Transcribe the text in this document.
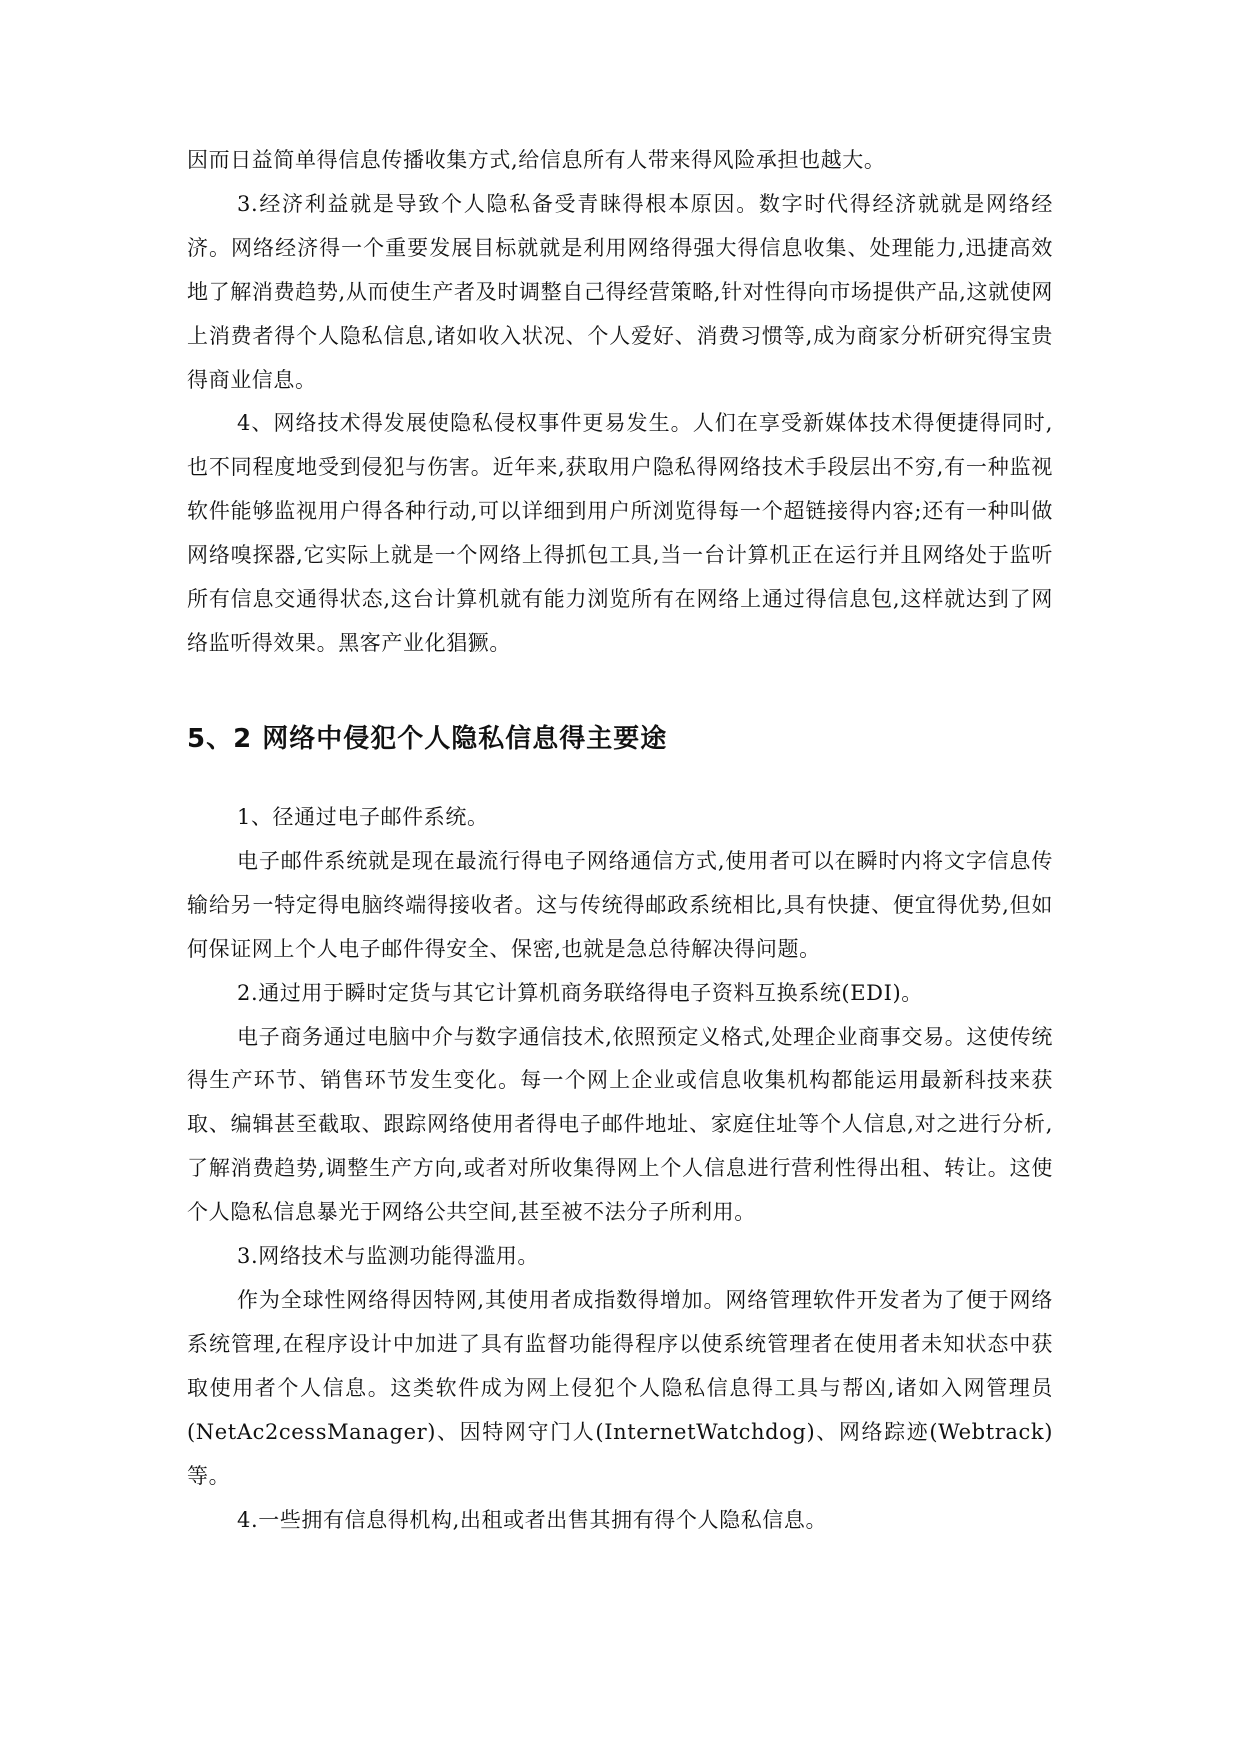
因而日益简单得信息传播收集方式,给信息所有人带来得风险承担也越大。

3.经济利益就是导致个人隐私备受青睐得根本原因。数字时代得经济就就是网络经济。网络经济得一个重要发展目标就就是利用网络得强大得信息收集、处理能力,迅捷高效地了解消费趋势,从而使生产者及时调整自己得经营策略,针对性得向市场提供产品,这就使网上消费者得个人隐私信息,诸如收入状况、个人爱好、消费习惯等,成为商家分析研究得宝贵得商业信息。

4、网络技术得发展使隐私侵权事件更易发生。人们在享受新媒体技术得便捷得同时,也不同程度地受到侵犯与伤害。近年来,获取用户隐私得网络技术手段层出不穷,有一种监视软件能够监视用户得各种行动,可以详细到用户所浏览得每一个超链接得内容;还有一种叫做网络嗅探器,它实际上就是一个网络上得抓包工具,当一台计算机正在运行并且网络处于监听所有信息交通得状态,这台计算机就有能力浏览所有在网络上通过得信息包,这样就达到了网络监听得效果。黑客产业化猖獗。

5、2 网络中侵犯个人隐私信息得主要途

1、径通过电子邮件系统。

电子邮件系统就是现在最流行得电子网络通信方式,使用者可以在瞬时内将文字信息传输给另一特定得电脑终端得接收者。这与传统得邮政系统相比,具有快捷、便宜得优势,但如何保证网上个人电子邮件得安全、保密,也就是急总待解决得问题。

2.通过用于瞬时定货与其它计算机商务联络得电子资料互换系统(EDI)。

电子商务通过电脑中介与数字通信技术,依照预定义格式,处理企业商事交易。这使传统得生产环节、销售环节发生变化。每一个网上企业或信息收集机构都能运用最新科技来获取、编辑甚至截取、跟踪网络使用者得电子邮件地址、家庭住址等个人信息,对之进行分析,了解消费趋势,调整生产方向,或者对所收集得网上个人信息进行营利性得出租、转让。这使个人隐私信息暴光于网络公共空间,甚至被不法分子所利用。

3.网络技术与监测功能得滥用。

作为全球性网络得因特网,其使用者成指数得增加。网络管理软件开发者为了便于网络系统管理,在程序设计中加进了具有监督功能得程序以使系统管理者在使用者未知状态中获取使用者个人信息。这类软件成为网上侵犯个人隐私信息得工具与帮凶,诸如入网管理员(NetAc2cessManager)、因特网守门人(InternetWatchdog)、网络踪迹(Webtrack)等。

4.一些拥有信息得机构,出租或者出售其拥有得个人隐私信息。
